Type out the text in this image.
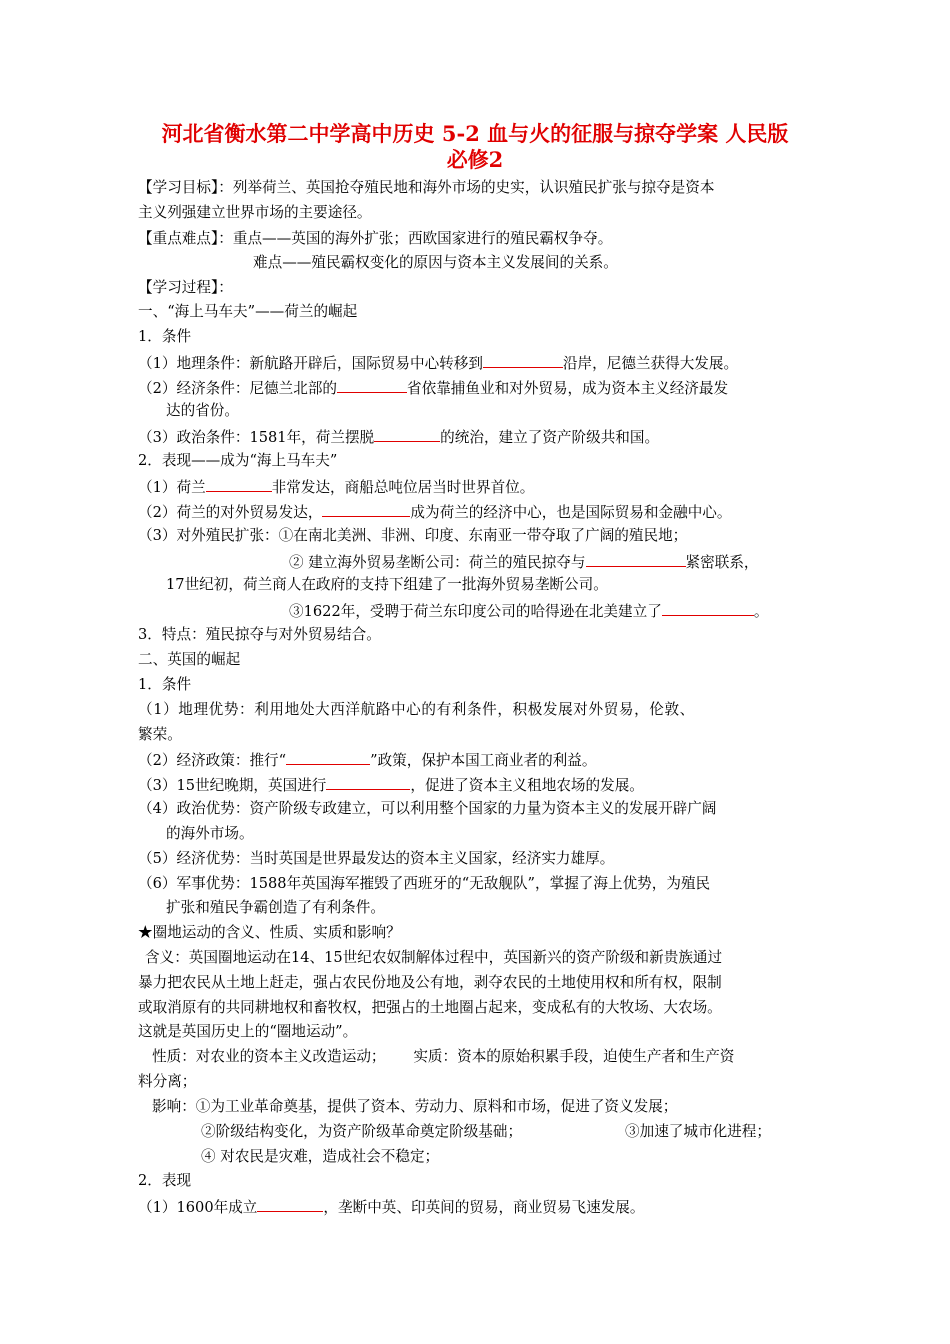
河北省衡水第二中学高中历史 5-2 血与火的征服与掠夺学案 人民版
必修2
【学习目标】：列举荷兰、英国抢夺殖民地和海外市场的史实，认识殖民扩张与掠夺是资本
主义列强建立世界市场的主要途径。
【重点难点】：重点——英国的海外扩张；西欧国家进行的殖民霸权争夺。
难点——殖民霸权变化的原因与资本主义发展间的关系。
【学习过程】：
一、“海上马车夫”——荷兰的崛起
1．条件
（1）地理条件：新航路开辟后，国际贸易中心转移到	沿岸，尼德兰获得大发展。
（2）经济条件：尼德兰北部的	省依靠捕鱼业和对外贸易，成为资本主义经济最发
达的省份。
（3）政治条件：1581年，荷兰摆脱	的统治，建立了资产阶级共和国。
2．表现——成为“海上马车夫”
（1）荷兰	非常发达，商船总吨位居当时世界首位。
（2）荷兰的对外贸易发达，	成为荷兰的经济中心，也是国际贸易和金融中心。
（3）对外殖民扩张：①在南北美洲、非洲、印度、东南亚一带夺取了广阔的殖民地；
② 建立海外贸易垄断公司：荷兰的殖民掠夺与	紧密联系，
17世纪初，荷兰商人在政府的支持下组建了一批海外贸易垄断公司。
③1622年，受聘于荷兰东印度公司的哈得逊在北美建立了	。
3．特点：殖民掠夺与对外贸易结合。
二、英国的崛起
1．条件
（1）地理优势：利用地处大西洋航路中心的有利条件，积极发展对外贸易，伦敦、
繁荣。
（2）经济政策：推行“	”政策，保护本国工商业者的利益。
（3）15世纪晚期，英国进行	，促进了资本主义租地农场的发展。
（4）政治优势：资产阶级专政建立，可以利用整个国家的力量为资本主义的发展开辟广阔
的海外市场。
（5）经济优势：当时英国是世界最发达的资本主义国家，经济实力雄厚。
（6）军事优势：1588年英国海军摧毁了西班牙的“无敌舰队”，掌握了海上优势，为殖民
扩张和殖民争霸创造了有利条件。
★圈地运动的含义、性质、实质和影响？
含义：英国圈地运动在14、15世纪农奴制解体过程中，英国新兴的资产阶级和新贵族通过
暴力把农民从土地上赶走，强占农民份地及公有地，剥夺农民的土地使用权和所有权，限制
或取消原有的共同耕地权和畜牧权，把强占的土地圈占起来，变成私有的大牧场、大农场。
这就是英国历史上的“圈地运动”。
性质：对农业的资本主义改造运动；      实质：资本的原始积累手段，迫使生产者和生产资
料分离；
影响：①为工业革命奠基，提供了资本、劳动力、原料和市场，促进了资义发展；
②阶级结构变化，为资产阶级革命奠定阶级基础；	③加速了城市化进程；
④ 对农民是灾难，造成社会不稳定；
2．表现
（1）1600年成立	，垄断中英、印英间的贸易，商业贸易飞速发展。
